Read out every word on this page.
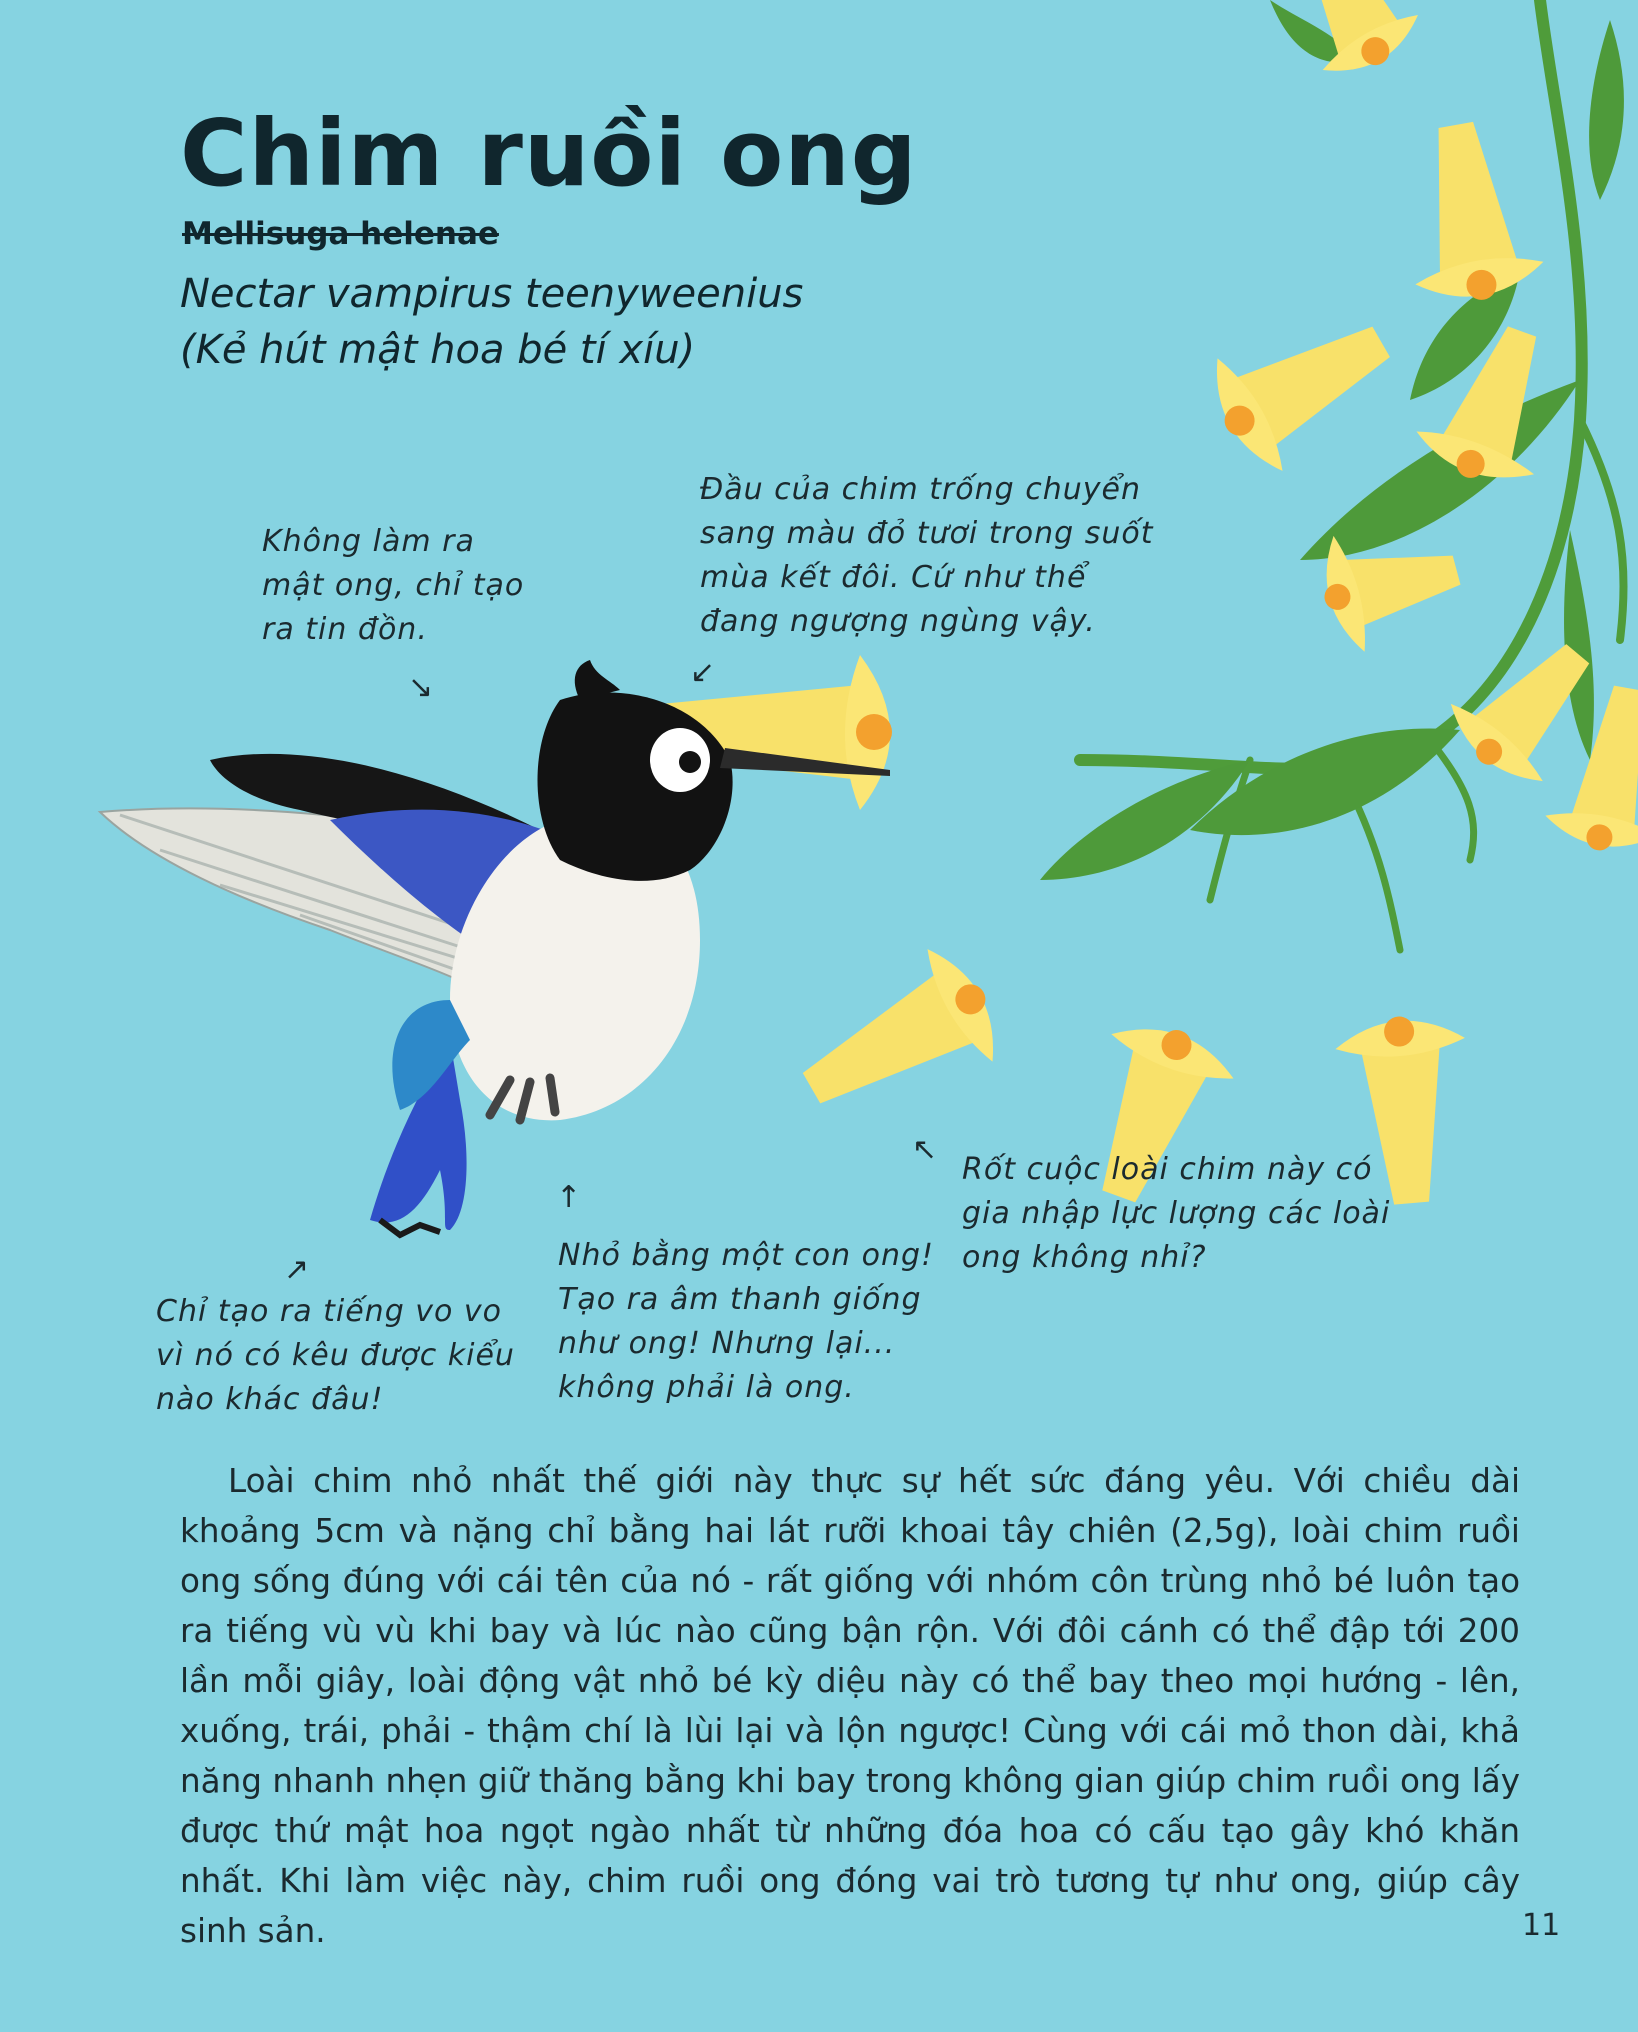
Chim ruồi ong
Mellisuga helenae
Nectar vampirus teenyweenius
(Kẻ hút mật hoa bé tí xíu)
Không làm ra
mật ong, chỉ tạo
ra tin đồn.
↘
Đầu của chim trống chuyển
sang màu đỏ tươi trong suốt
mùa kết đôi. Cứ như thể
đang ngượng ngùng vậy.
↙
↗
Chỉ tạo ra tiếng vo vo
vì nó có kêu được kiểu
nào khác đâu!
↑
Nhỏ bằng một con ong!
Tạo ra âm thanh giống
như ong! Nhưng lại...
không phải là ong.
↖
Rốt cuộc loài chim này có
gia nhập lực lượng các loài
ong không nhỉ?

Loài chim nhỏ nhất thế giới này thực sự hết sức đáng yêu. Với chiều dài khoảng 5cm và nặng chỉ bằng hai lát rưỡi khoai tây chiên (2,5g), loài chim ruồi ong sống đúng với cái tên của nó - rất giống với nhóm côn trùng nhỏ bé luôn tạo ra tiếng vù vù khi bay và lúc nào cũng bận rộn. Với đôi cánh có thể đập tới 200 lần mỗi giây, loài động vật nhỏ bé kỳ diệu này có thể bay theo mọi hướng - lên, xuống, trái, phải - thậm chí là lùi lại và lộn ngược! Cùng với cái mỏ thon dài, khả năng nhanh nhẹn giữ thăng bằng khi bay trong không gian giúp chim ruồi ong lấy được thứ mật hoa ngọt ngào nhất từ những đóa hoa có cấu tạo gây khó khăn nhất. Khi làm việc này, chim ruồi ong đóng vai trò tương tự như ong, giúp cây sinh sản.	11
